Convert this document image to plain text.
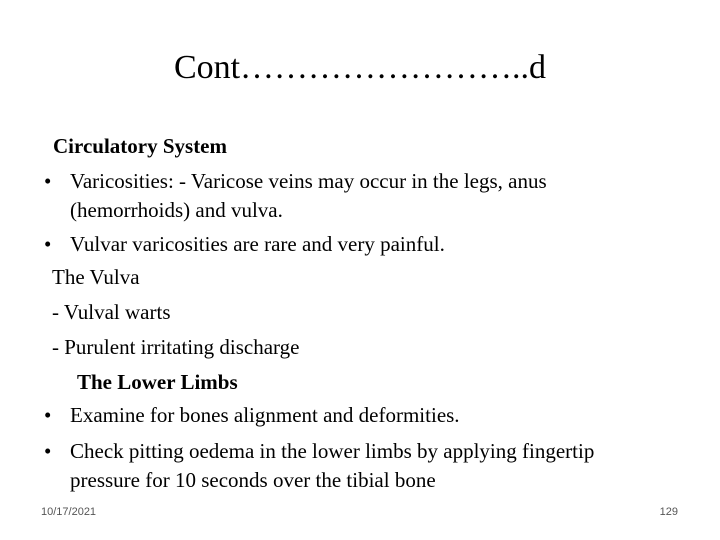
Cont……………………..d
Circulatory System
• Varicosities: - Varicose veins may occur in the legs, anus
(hemorrhoids) and vulva.
• Vulvar varicosities are rare and very painful.
The Vulva
- Vulval warts
- Purulent irritating discharge
The Lower Limbs
• Examine for bones alignment and deformities.
• Check pitting oedema in the lower limbs by applying fingertip
pressure for 10 seconds over the tibial bone
10/17/2021	129
